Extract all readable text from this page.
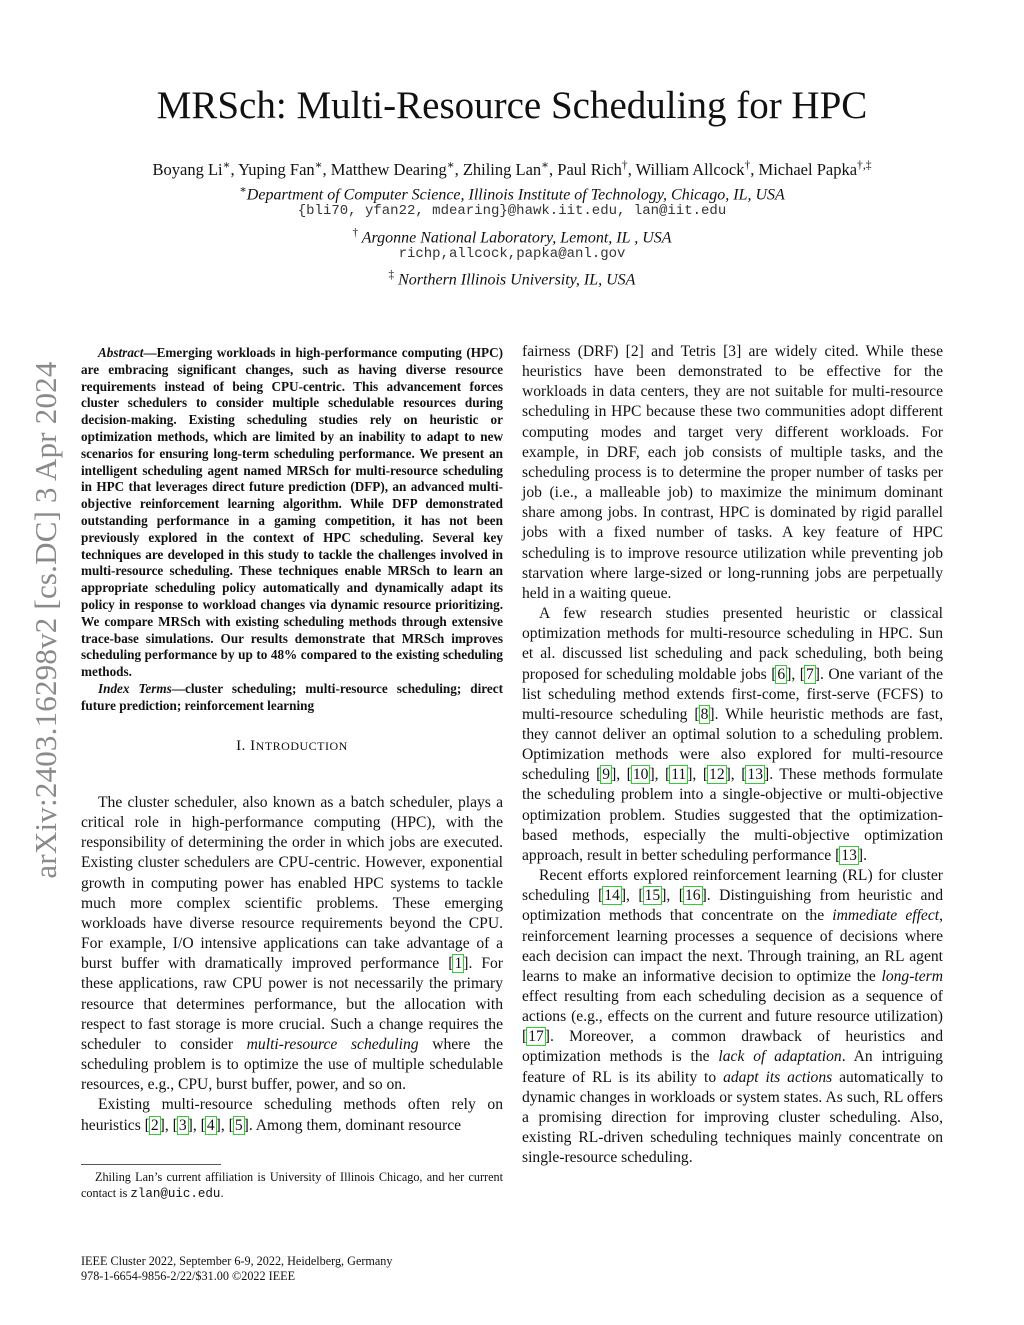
arXiv:2403.16298v2 [cs.DC] 3 Apr 2024
MRSch: Multi-Resource Scheduling for HPC
Boyang Li∗, Yuping Fan∗, Matthew Dearing∗, Zhiling Lan∗, Paul Rich†, William Allcock†, Michael Papka†,‡
∗Department of Computer Science, Illinois Institute of Technology, Chicago, IL, USA
{bli70, yfan22, mdearing}@hawk.iit.edu, lan@iit.edu
† Argonne National Laboratory, Lemont, IL , USA
richp,allcock,papka@anl.gov
‡ Northern Illinois University, IL, USA

Abstract—Emerging workloads in high-performance computing (HPC) are embracing significant changes, such as having diverse resource requirements instead of being CPU-centric. This advancement forces cluster schedulers to consider multiple schedulable resources during decision-making. Existing scheduling studies rely on heuristic or optimization methods, which are limited by an inability to adapt to new scenarios for ensuring long-term scheduling performance. We present an intelligent scheduling agent named MRSch for multi-resource scheduling in HPC that leverages direct future prediction (DFP), an advanced multi-objective reinforcement learning algorithm. While DFP demonstrated outstanding performance in a gaming competition, it has not been previously explored in the context of HPC scheduling. Several key techniques are developed in this study to tackle the challenges involved in multi-resource scheduling. These techniques enable MRSch to learn an appropriate scheduling policy automatically and dynamically adapt its policy in response to workload changes via dynamic resource prioritizing. We compare MRSch with existing scheduling methods through extensive trace-base simulations. Our results demonstrate that MRSch improves scheduling performance by up to 48% compared to the existing scheduling methods.

Index Terms—cluster scheduling; multi-resource scheduling; direct future prediction; reinforcement learning

I. INTRODUCTION

The cluster scheduler, also known as a batch scheduler, plays a critical role in high-performance computing (HPC), with the responsibility of determining the order in which jobs are executed. Existing cluster schedulers are CPU-centric. However, exponential growth in computing power has enabled HPC systems to tackle much more complex scientific problems. These emerging workloads have diverse resource requirements beyond the CPU. For example, I/O intensive applications can take advantage of a burst buffer with dramatically improved performance [1]. For these applications, raw CPU power is not necessarily the primary resource that determines performance, but the allocation with respect to fast storage is more crucial. Such a change requires the scheduler to consider multi-resource scheduling where the scheduling problem is to optimize the use of multiple schedulable resources, e.g., CPU, burst buffer, power, and so on.

Existing multi-resource scheduling methods often rely on heuristics [2], [3], [4], [5]. Among them, dominant resource

Zhiling Lan’s current affiliation is University of Illinois Chicago, and her current contact is zlan@uic.edu.

IEEE Cluster 2022, September 6-9, 2022, Heidelberg, Germany
978-1-6654-9856-2/22/$31.00 ©2022 IEEE

fairness (DRF) [2] and Tetris [3] are widely cited. While these heuristics have been demonstrated to be effective for the workloads in data centers, they are not suitable for multi-resource scheduling in HPC because these two communities adopt different computing modes and target very different workloads. For example, in DRF, each job consists of multiple tasks, and the scheduling process is to determine the proper number of tasks per job (i.e., a malleable job) to maximize the minimum dominant share among jobs. In contrast, HPC is dominated by rigid parallel jobs with a fixed number of tasks. A key feature of HPC scheduling is to improve resource utilization while preventing job starvation where large-sized or long-running jobs are perpetually held in a waiting queue.

A few research studies presented heuristic or classical optimization methods for multi-resource scheduling in HPC. Sun et al. discussed list scheduling and pack scheduling, both being proposed for scheduling moldable jobs [6], [7]. One variant of the list scheduling method extends first-come, first-serve (FCFS) to multi-resource scheduling [8]. While heuristic methods are fast, they cannot deliver an optimal solution to a scheduling problem. Optimization methods were also explored for multi-resource scheduling [9], [10], [11], [12], [13]. These methods formulate the scheduling problem into a single-objective or multi-objective optimization problem. Studies suggested that the optimization-based methods, especially the multi-objective optimization approach, result in better scheduling performance [13].

Recent efforts explored reinforcement learning (RL) for cluster scheduling [14], [15], [16]. Distinguishing from heuristic and optimization methods that concentrate on the immediate effect, reinforcement learning processes a sequence of decisions where each decision can impact the next. Through training, an RL agent learns to make an informative decision to optimize the long-term effect resulting from each scheduling decision as a sequence of actions (e.g., effects on the current and future resource utilization) [17]. Moreover, a common drawback of heuristics and optimization methods is the lack of adaptation. An intriguing feature of RL is its ability to adapt its actions automatically to dynamic changes in workloads or system states. As such, RL offers a promising direction for improving cluster scheduling. Also, existing RL-driven scheduling techniques mainly concentrate on single-resource scheduling.
